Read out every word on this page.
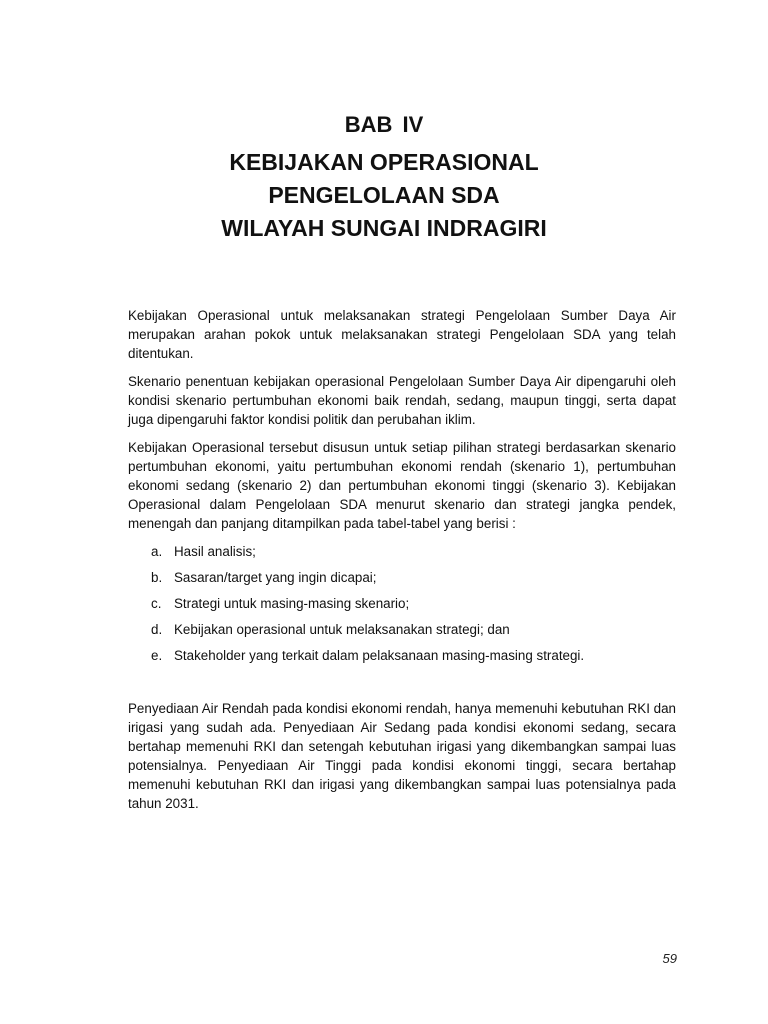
BAB IV
KEBIJAKAN OPERASIONAL
PENGELOLAAN SDA
WILAYAH SUNGAI INDRAGIRI

Kebijakan Operasional untuk melaksanakan strategi Pengelolaan Sumber Daya Air merupakan arahan pokok untuk melaksanakan strategi Pengelolaan SDA yang telah ditentukan.

Skenario penentuan kebijakan operasional Pengelolaan Sumber Daya Air dipengaruhi oleh kondisi skenario pertumbuhan ekonomi baik rendah, sedang, maupun tinggi, serta dapat juga dipengaruhi faktor kondisi politik dan perubahan iklim.

Kebijakan Operasional tersebut disusun untuk setiap pilihan strategi berdasarkan skenario pertumbuhan ekonomi, yaitu pertumbuhan ekonomi rendah (skenario 1), pertumbuhan ekonomi sedang (skenario 2) dan pertumbuhan ekonomi tinggi (skenario 3). Kebijakan Operasional dalam Pengelolaan SDA menurut skenario dan strategi jangka pendek, menengah dan panjang ditampilkan pada tabel-tabel yang berisi :

a. Hasil analisis;
b. Sasaran/target yang ingin dicapai;
c. Strategi untuk masing-masing skenario;
d. Kebijakan operasional untuk melaksanakan strategi; dan
e. Stakeholder yang terkait dalam pelaksanaan masing-masing strategi.

Penyediaan Air Rendah pada kondisi ekonomi rendah, hanya memenuhi kebutuhan RKI dan irigasi yang sudah ada. Penyediaan Air Sedang pada kondisi ekonomi sedang, secara bertahap memenuhi RKI dan setengah kebutuhan irigasi yang dikembangkan sampai luas potensialnya. Penyediaan Air Tinggi pada kondisi ekonomi tinggi, secara bertahap memenuhi kebutuhan RKI dan irigasi yang dikembangkan sampai luas potensialnya pada tahun 2031.

59
